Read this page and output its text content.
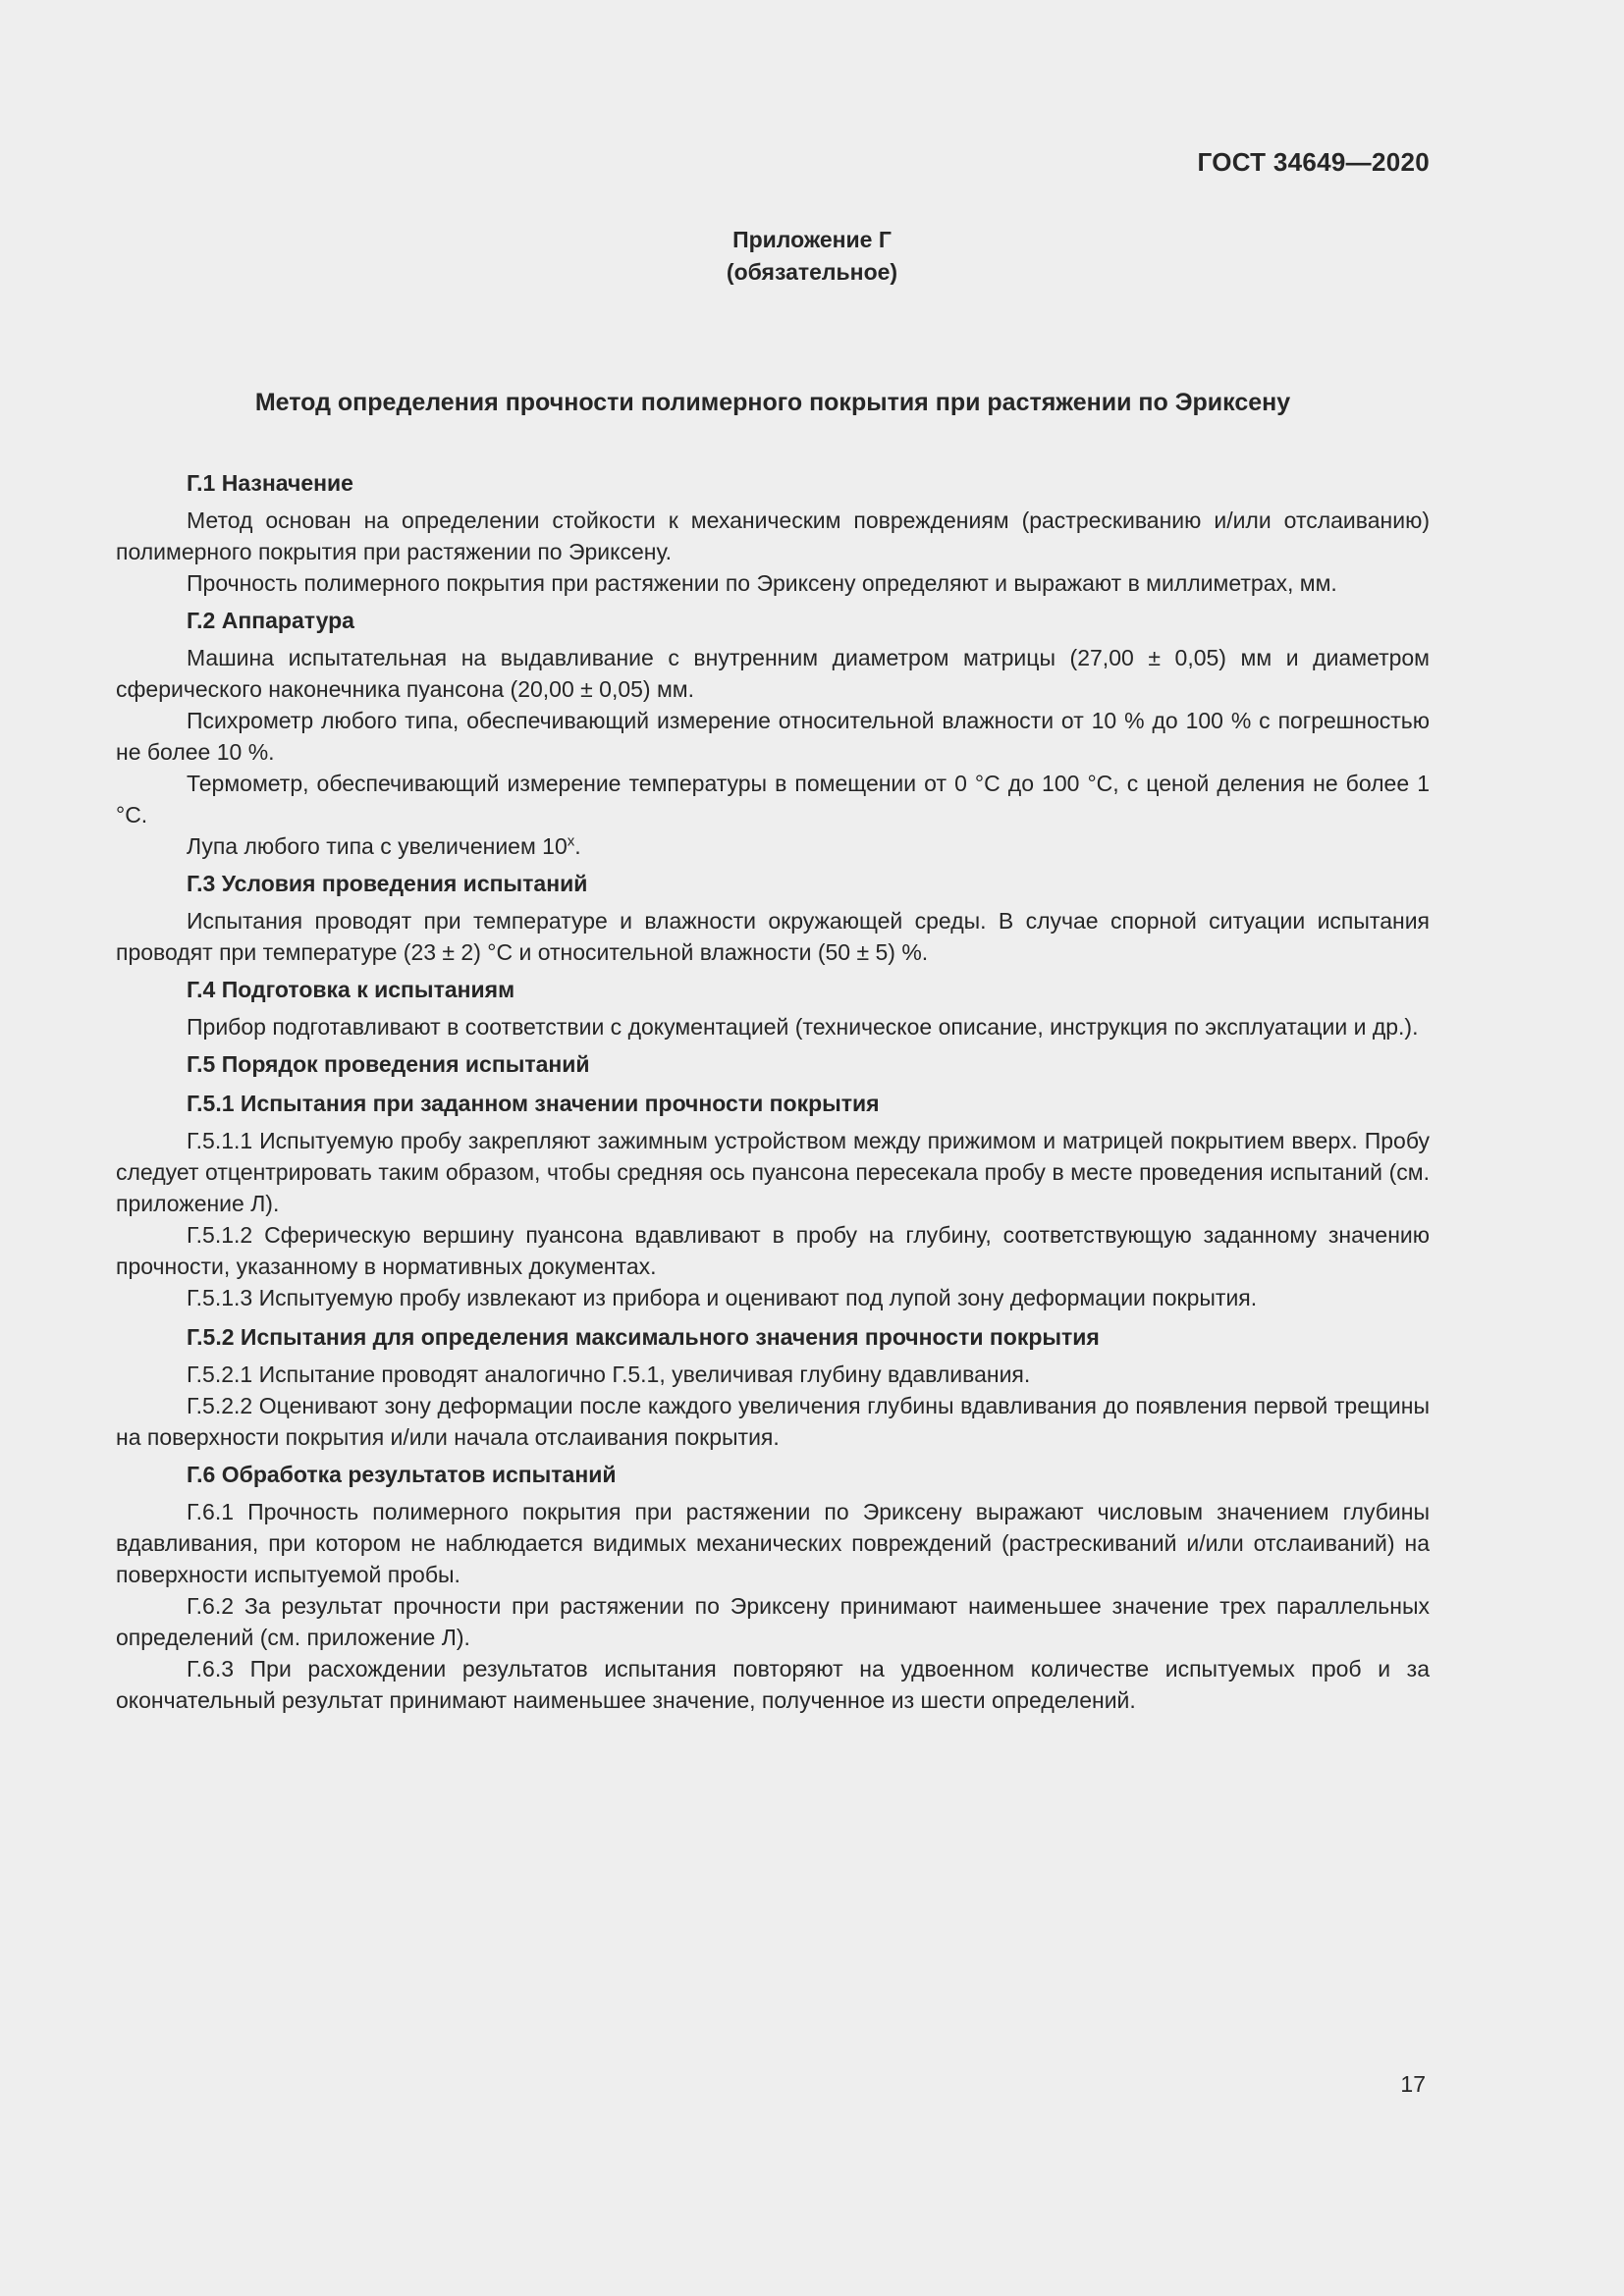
ГОСТ 34649—2020

Приложение Г
(обязательное)
Метод определения прочности полимерного покрытия при растяжении по Эриксену
Г.1 Назначение

Метод основан на определении стойкости к механическим повреждениям (растрескиванию и/или отслаиванию) полимерного покрытия при растяжении по Эриксену.

Прочность полимерного покрытия при растяжении по Эриксену определяют и выражают в миллиметрах, мм.

Г.2 Аппаратура

Машина испытательная на выдавливание с внутренним диаметром матрицы (27,00 ± 0,05) мм и диаметром сферического наконечника пуансона (20,00 ± 0,05) мм.

Психрометр любого типа, обеспечивающий измерение относительной влажности от 10 % до 100 % с погрешностью не более 10 %.

Термометр, обеспечивающий измерение температуры в помещении от 0 °С до 100 °С, с ценой деления не более 1 °С.

Лупа любого типа с увеличением $10^х$.

Г.3 Условия проведения испытаний

Испытания проводят при температуре и влажности окружающей среды. В случае спорной ситуации испытания проводят при температуре (23 ± 2) °С и относительной влажности (50 ± 5) %.

Г.4 Подготовка к испытаниям

Прибор подготавливают в соответствии с документацией (техническое описание, инструкция по эксплуатации и др.).

Г.5 Порядок проведения испытаний
Г.5.1 Испытания при заданном значении прочности покрытия

Г.5.1.1 Испытуемую пробу закрепляют зажимным устройством между прижимом и матрицей покрытием вверх. Пробу следует отцентрировать таким образом, чтобы средняя ось пуансона пересекала пробу в месте проведения испытаний (см. приложение Л).

Г.5.1.2 Сферическую вершину пуансона вдавливают в пробу на глубину, соответствующую заданному значению прочности, указанному в нормативных документах.

Г.5.1.3 Испытуемую пробу извлекают из прибора и оценивают под лупой зону деформации покрытия.

Г.5.2 Испытания для определения максимального значения прочности покрытия

Г.5.2.1 Испытание проводят аналогично Г.5.1, увеличивая глубину вдавливания.

Г.5.2.2 Оценивают зону деформации после каждого увеличения глубины вдавливания до появления первой трещины на поверхности покрытия и/или начала отслаивания покрытия.

Г.6 Обработка результатов испытаний

Г.6.1 Прочность полимерного покрытия при растяжении по Эриксену выражают числовым значением глубины вдавливания, при котором не наблюдается видимых механических повреждений (растрескиваний и/или отслаиваний) на поверхности испытуемой пробы.

Г.6.2 За результат прочности при растяжении по Эриксену принимают наименьшее значение трех параллельных определений (см. приложение Л).

Г.6.3 При расхождении результатов испытания повторяют на удвоенном количестве испытуемых проб и за окончательный результат принимают наименьшее значение, полученное из шести определений.

17
